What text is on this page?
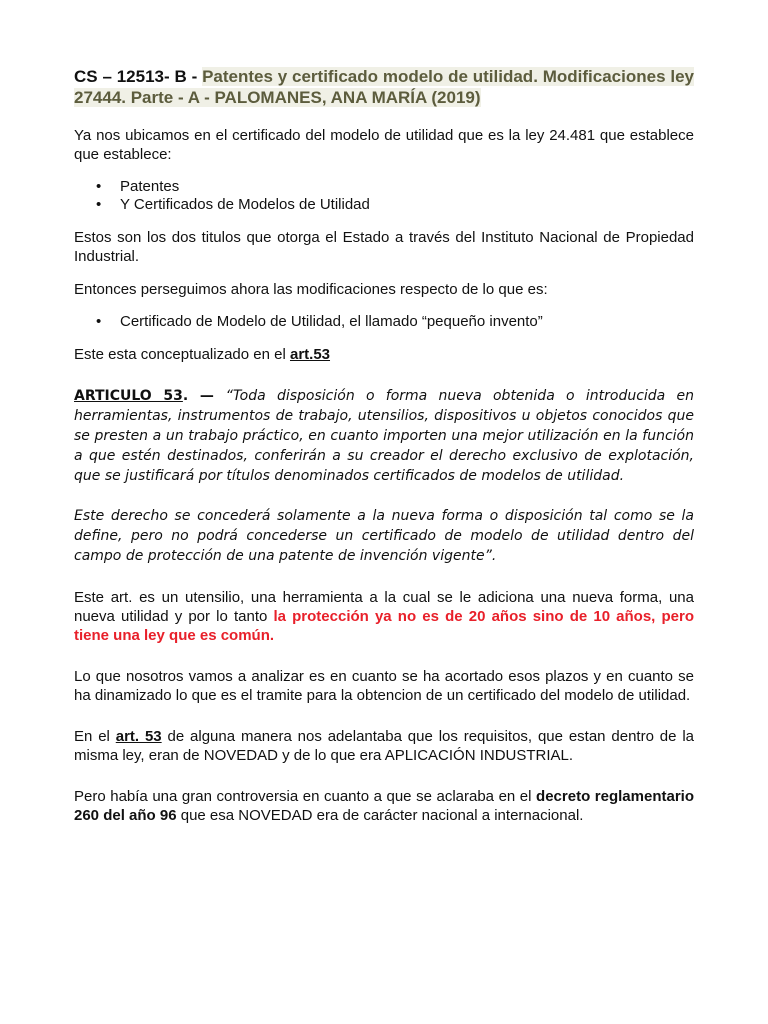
CS – 12513- B - Patentes y certificado modelo de utilidad. Modificaciones ley 27444. Parte - A - PALOMANES, ANA MARÍA (2019)

Ya nos ubicamos en el certificado del modelo de utilidad que es la ley 24.481 que establece que establece:

• Patentes
• Y Certificados de Modelos de Utilidad

Estos son los dos titulos que otorga el Estado a través del Instituto Nacional de Propiedad Industrial.

Entonces perseguimos ahora las modificaciones respecto de lo que es:

• Certificado de Modelo de Utilidad, el llamado “pequeño invento”

Este esta conceptualizado en el art.53

ARTICULO 53. — “Toda disposición o forma nueva obtenida o introducida en herramientas, instrumentos de trabajo, utensilios, dispositivos u objetos conocidos que se presten a un trabajo práctico, en cuanto importen una mejor utilización en la función a que estén destinados, conferirán a su creador el derecho exclusivo de explotación, que se justificará por títulos denominados certificados de modelos de utilidad.

Este derecho se concederá solamente a la nueva forma o disposición tal como se la define, pero no podrá concederse un certificado de modelo de utilidad dentro del campo de protección de una patente de invención vigente”.

Este art. es un utensilio, una herramienta a la cual se le adiciona una nueva forma, una nueva utilidad y por lo tanto la protección ya no es de 20 años sino de 10 años, pero tiene una ley que es común.

Lo que nosotros vamos a analizar es en cuanto se ha acortado esos plazos y en cuanto se ha dinamizado lo que es el tramite para la obtencion de un certificado del modelo de utilidad.

En el art. 53 de alguna manera nos adelantaba que los requisitos, que estan dentro de la misma ley, eran de NOVEDAD y de lo que era APLICACIÓN INDUSTRIAL.

Pero había una gran controversia en cuanto a que se aclaraba en el decreto reglamentario 260 del año 96 que esa NOVEDAD era de carácter nacional a internacional.
